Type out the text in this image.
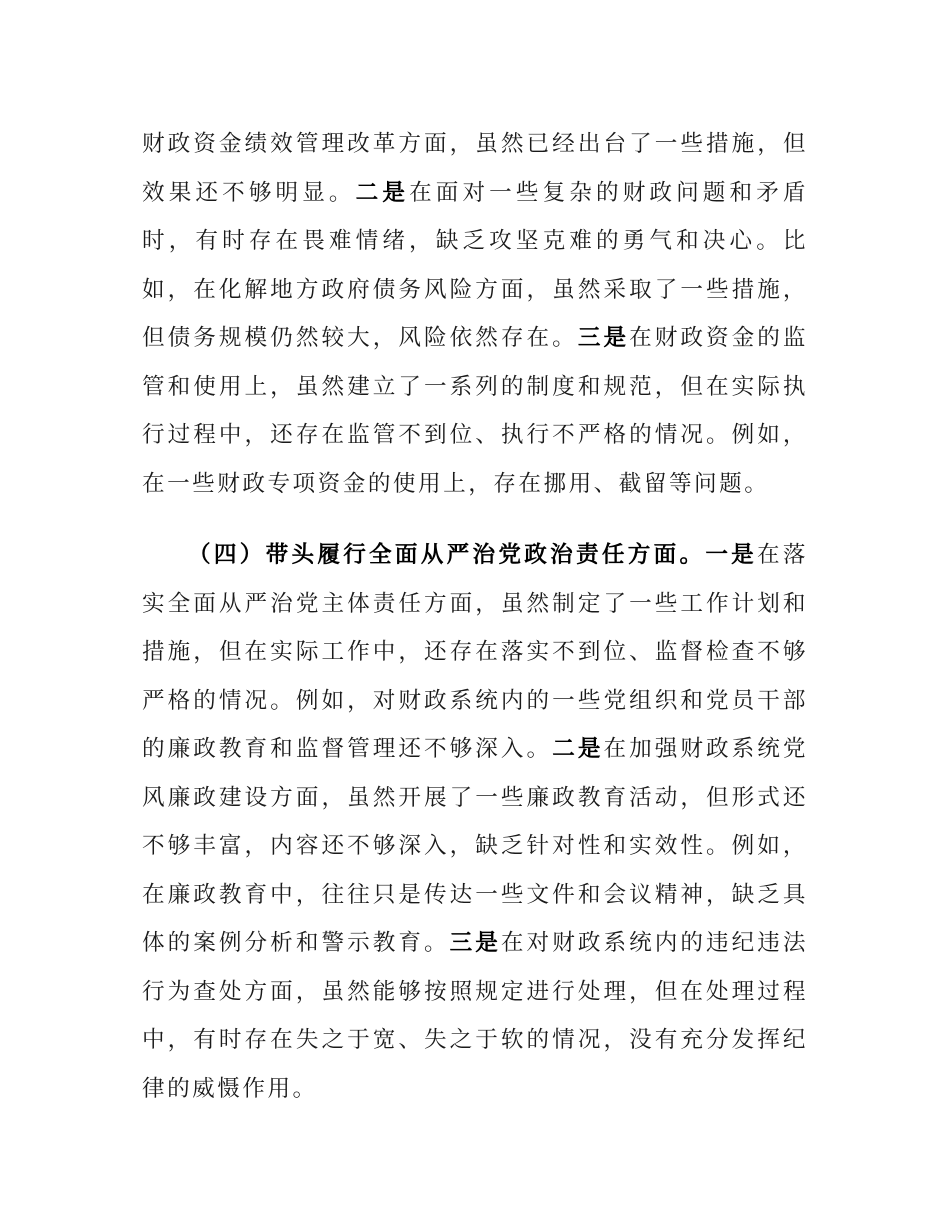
财政资金绩效管理改革方面，虽然已经出台了一些措施，但效果还不够明显。二是在面对一些复杂的财政问题和矛盾时，有时存在畏难情绪，缺乏攻坚克难的勇气和决心。比如，在化解地方政府债务风险方面，虽然采取了一些措施，但债务规模仍然较大，风险依然存在。三是在财政资金的监管和使用上，虽然建立了一系列的制度和规范，但在实际执行过程中，还存在监管不到位、执行不严格的情况。例如，在一些财政专项资金的使用上，存在挪用、截留等问题。

（四）带头履行全面从严治党政治责任方面。一是在落实全面从严治党主体责任方面，虽然制定了一些工作计划和措施，但在实际工作中，还存在落实不到位、监督检查不够严格的情况。例如，对财政系统内的一些党组织和党员干部的廉政教育和监督管理还不够深入。二是在加强财政系统党风廉政建设方面，虽然开展了一些廉政教育活动，但形式还不够丰富，内容还不够深入，缺乏针对性和实效性。例如，在廉政教育中，往往只是传达一些文件和会议精神，缺乏具体的案例分析和警示教育。三是在对财政系统内的违纪违法行为查处方面，虽然能够按照规定进行处理，但在处理过程中，有时存在失之于宽、失之于软的情况，没有充分发挥纪律的威慑作用。
